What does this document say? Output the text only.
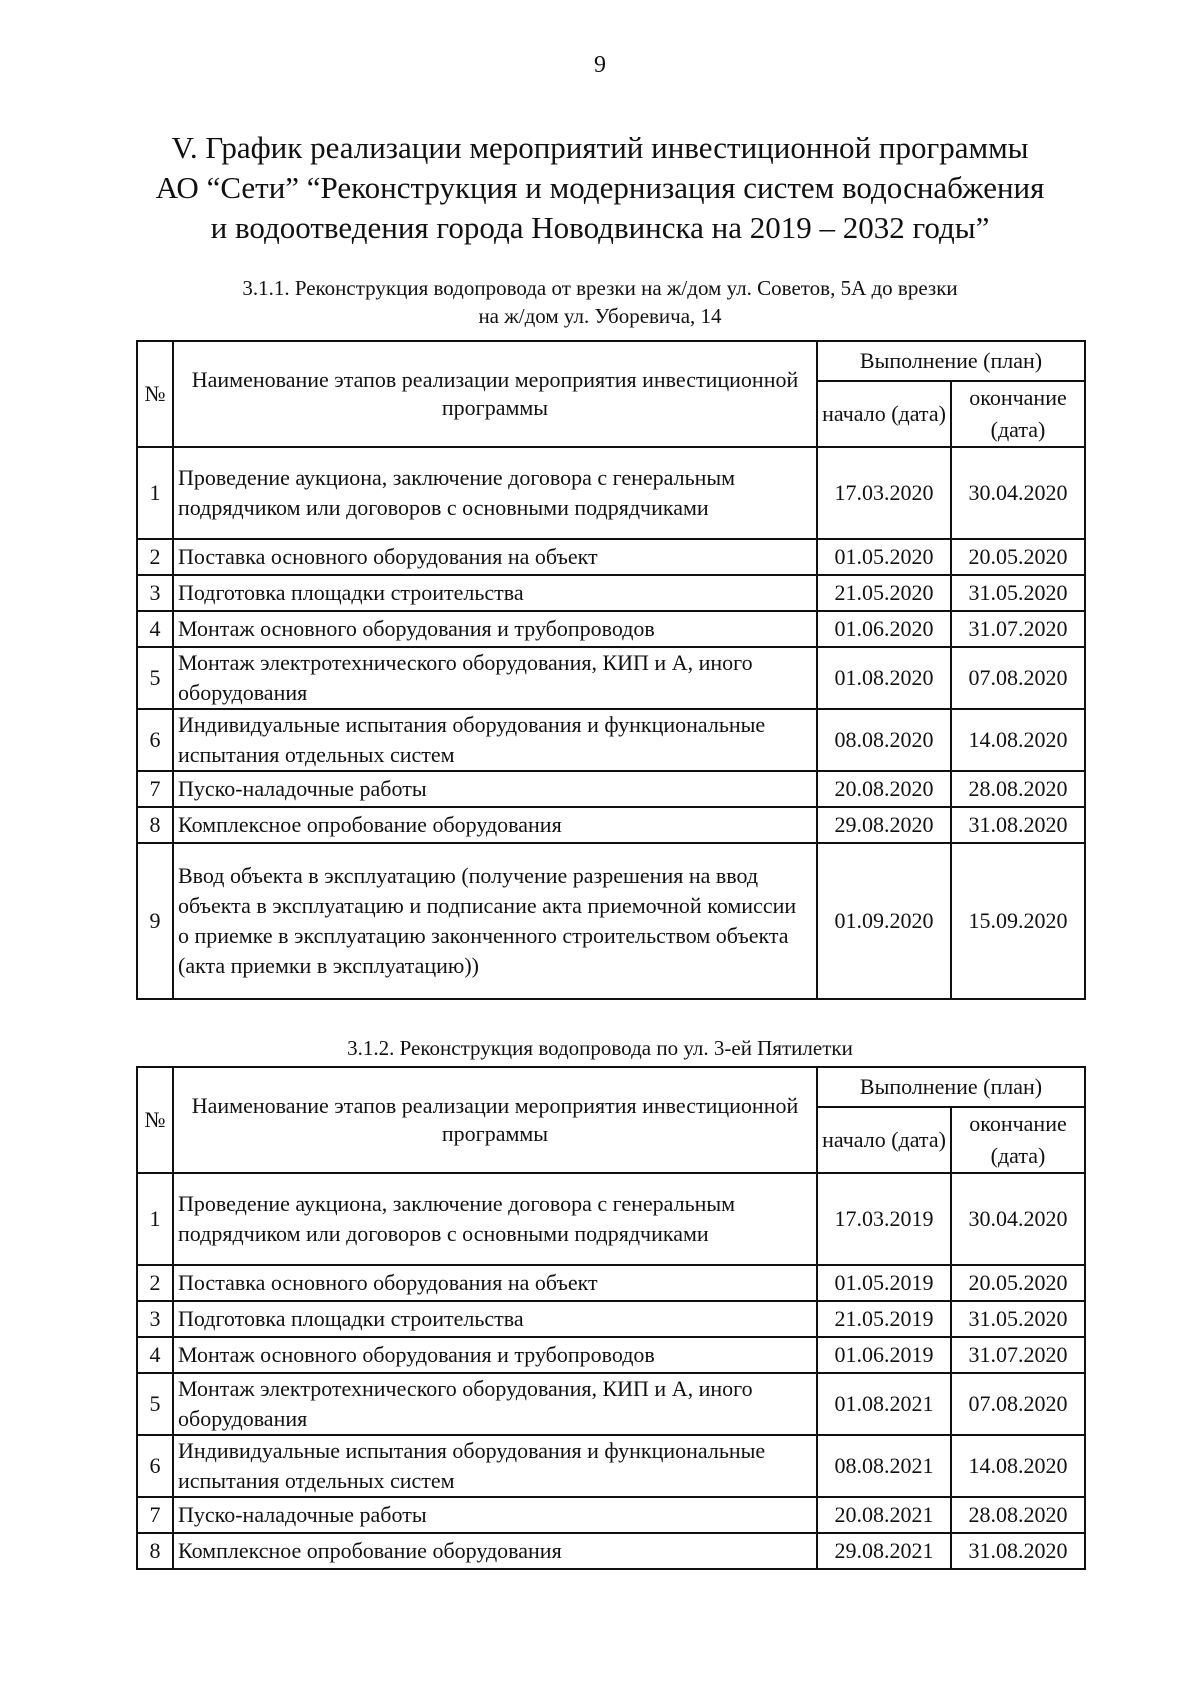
9
V. График реализации мероприятий инвестиционной программы
АО “Сети” “Реконструкция и модернизация систем водоснабжения
и водоотведения города Новодвинска на 2019 – 2032 годы”
3.1.1. Реконструкция водопровода от врезки на ж/дом ул. Советов, 5А до врезки
на ж/дом ул. Уборевича, 14
№	Наименование этапов реализации мероприятия инвестиционной программы	Выполнение (план)	
		начало (дата)	окончание (дата)
1	Проведение аукциона, заключение договора с генеральным подрядчиком или договоров с основными подрядчиками	17.03.2020	30.04.2020
2	Поставка основного оборудования на объект	01.05.2020	20.05.2020
3	Подготовка площадки строительства	21.05.2020	31.05.2020
4	Монтаж основного оборудования и трубопроводов	01.06.2020	31.07.2020
5	Монтаж электротехнического оборудования, КИП и А, иного оборудования	01.08.2020	07.08.2020
6	Индивидуальные испытания оборудования и функциональные испытания отдельных систем	08.08.2020	14.08.2020
7	Пуско-наладочные работы	20.08.2020	28.08.2020
8	Комплексное опробование оборудования	29.08.2020	31.08.2020
9	Ввод объекта в эксплуатацию (получение разрешения на ввод объекта в эксплуатацию и подписание акта приемочной комиссии о приемке в эксплуатацию законченного строительством объекта (акта приемки в эксплуатацию))	01.09.2020	15.09.2020
3.1.2. Реконструкция водопровода по ул. 3-ей Пятилетки
№	Наименование этапов реализации мероприятия инвестиционной программы	Выполнение (план)	
		начало (дата)	окончание (дата)
1	Проведение аукциона, заключение договора с генеральным подрядчиком или договоров с основными подрядчиками	17.03.2019	30.04.2020
2	Поставка основного оборудования на объект	01.05.2019	20.05.2020
3	Подготовка площадки строительства	21.05.2019	31.05.2020
4	Монтаж основного оборудования и трубопроводов	01.06.2019	31.07.2020
5	Монтаж электротехнического оборудования, КИП и А, иного оборудования	01.08.2021	07.08.2020
6	Индивидуальные испытания оборудования и функциональные испытания отдельных систем	08.08.2021	14.08.2020
7	Пуско-наладочные работы	20.08.2021	28.08.2020
8	Комплексное опробование оборудования	29.08.2021	31.08.2020
